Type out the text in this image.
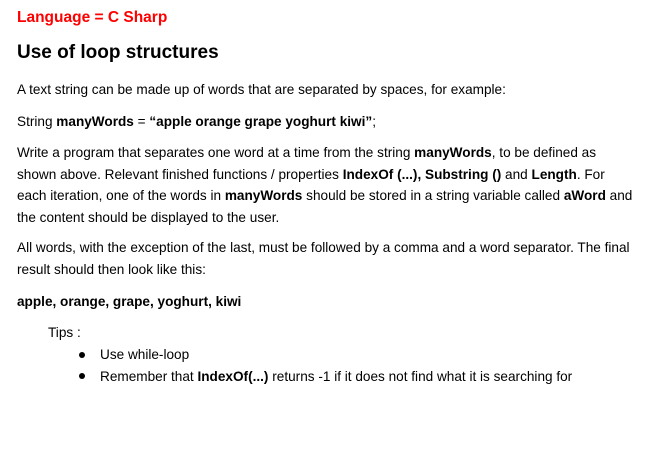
Language = C Sharp
Use of loop structures
A text string can be made up of words that are separated by spaces, for example:
String manyWords = “apple orange grape yoghurt kiwi”;
Write a program that separates one word at a time from the string manyWords, to be defined as shown above. Relevant finished functions / properties IndexOf (...), Substring () and Length. For each iteration, one of the words in manyWords should be stored in a string variable called aWord and the content should be displayed to the user.
All words, with the exception of the last, must be followed by a comma and a word separator. The final result should then look like this:
apple, orange, grape, yoghurt, kiwi
Tips :
Use while-loop
Remember that IndexOf(...) returns -1 if it does not find what it is searching for
